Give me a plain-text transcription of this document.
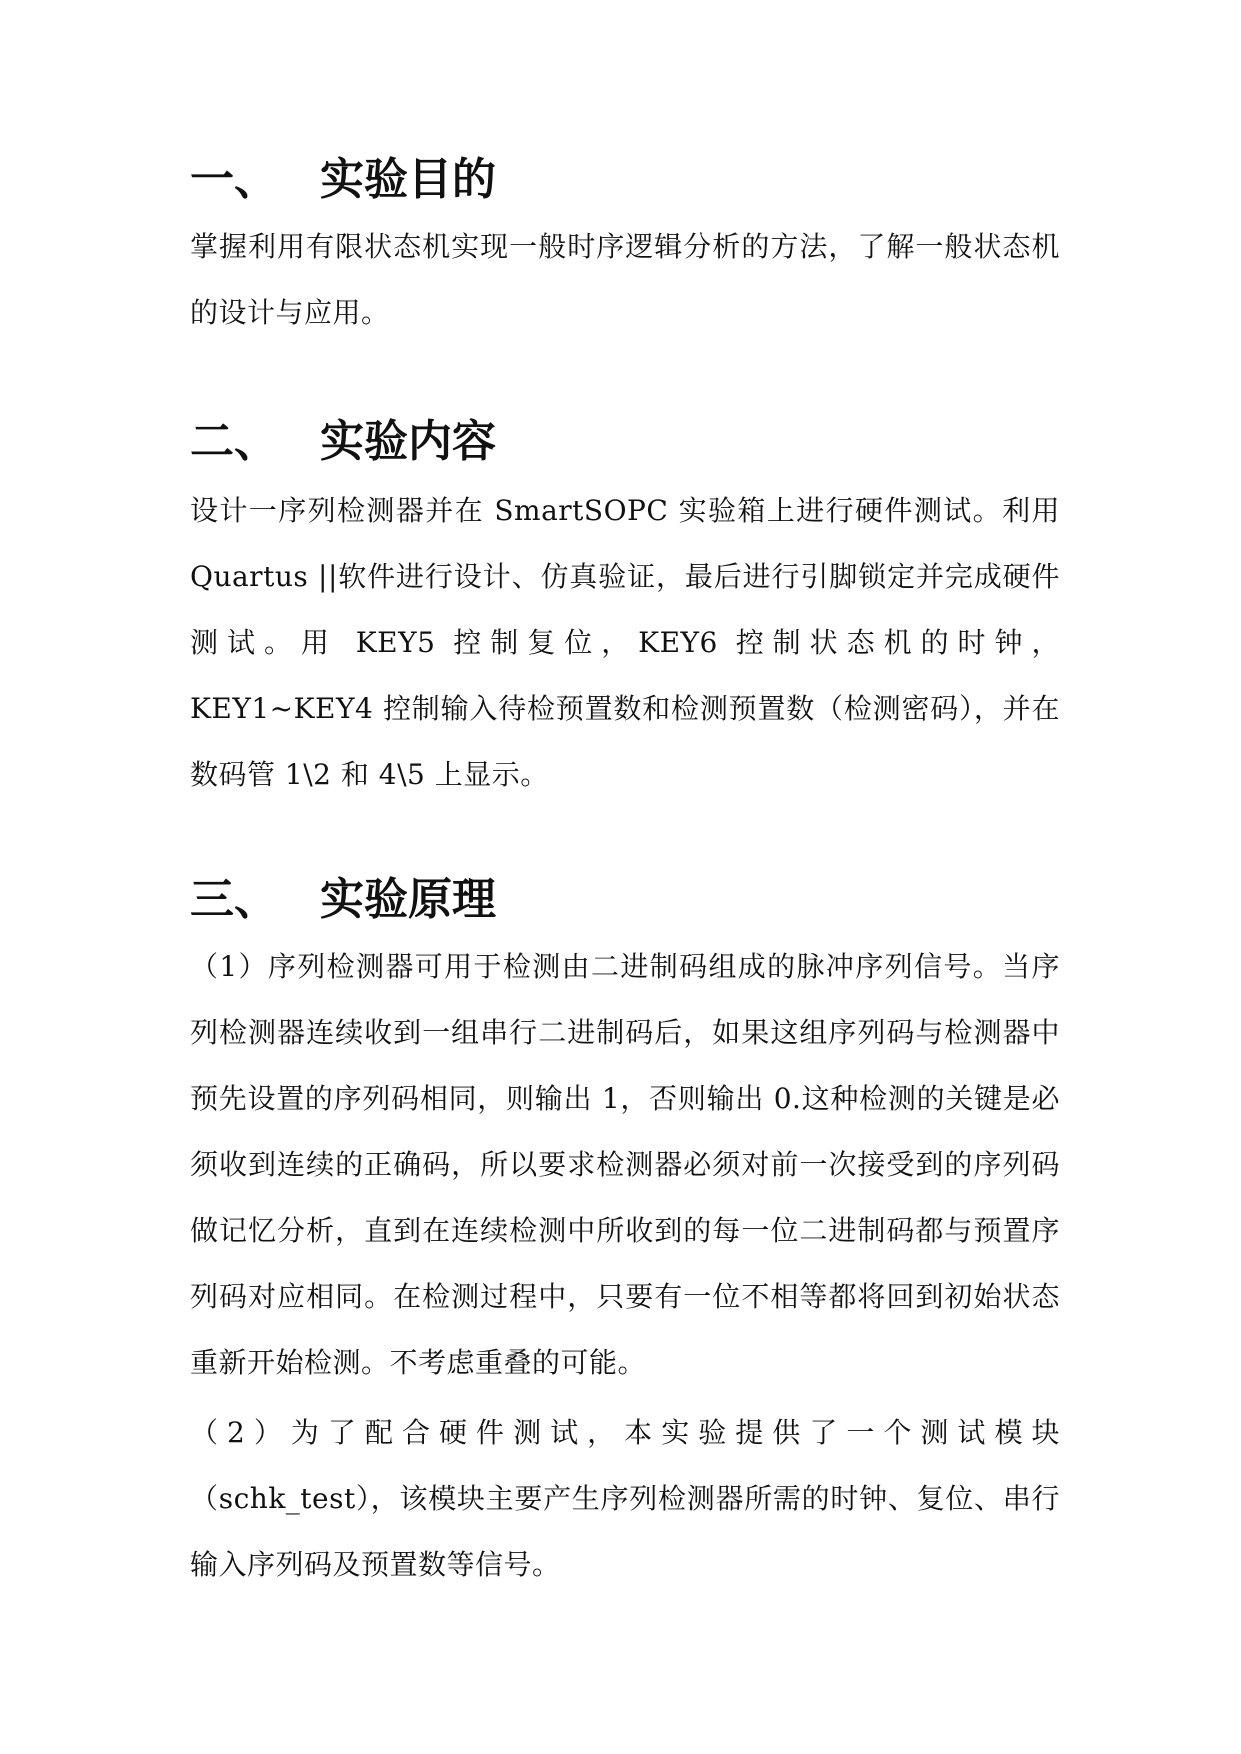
一、 实验目的

掌握利用有限状态机实现一般时序逻辑分析的方法，了解一般状态机的设计与应用。

二、 实验内容

设计一序列检测器并在 SmartSOPC 实验箱上进行硬件测试。利用 Quartus ||软件进行设计、仿真验证，最后进行引脚锁定并完成硬件测试。用 KEY5 控制复位，KEY6 控制状态机的时钟，KEY1~KEY4 控制输入待检预置数和检测预置数（检测密码），并在数码管 1\2 和 4\5 上显示。

三、 实验原理

（1）序列检测器可用于检测由二进制码组成的脉冲序列信号。当序列检测器连续收到一组串行二进制码后，如果这组序列码与检测器中预先设置的序列码相同，则输出 1，否则输出 0.这种检测的关键是必须收到连续的正确码，所以要求检测器必须对前一次接受到的序列码做记忆分析，直到在连续检测中所收到的每一位二进制码都与预置序列码对应相同。在检测过程中，只要有一位不相等都将回到初始状态重新开始检测。不考虑重叠的可能。

（2）为了配合硬件测试，本实验提供了一个测试模块（schk_test），该模块主要产生序列检测器所需的时钟、复位、串行输入序列码及预置数等信号。
